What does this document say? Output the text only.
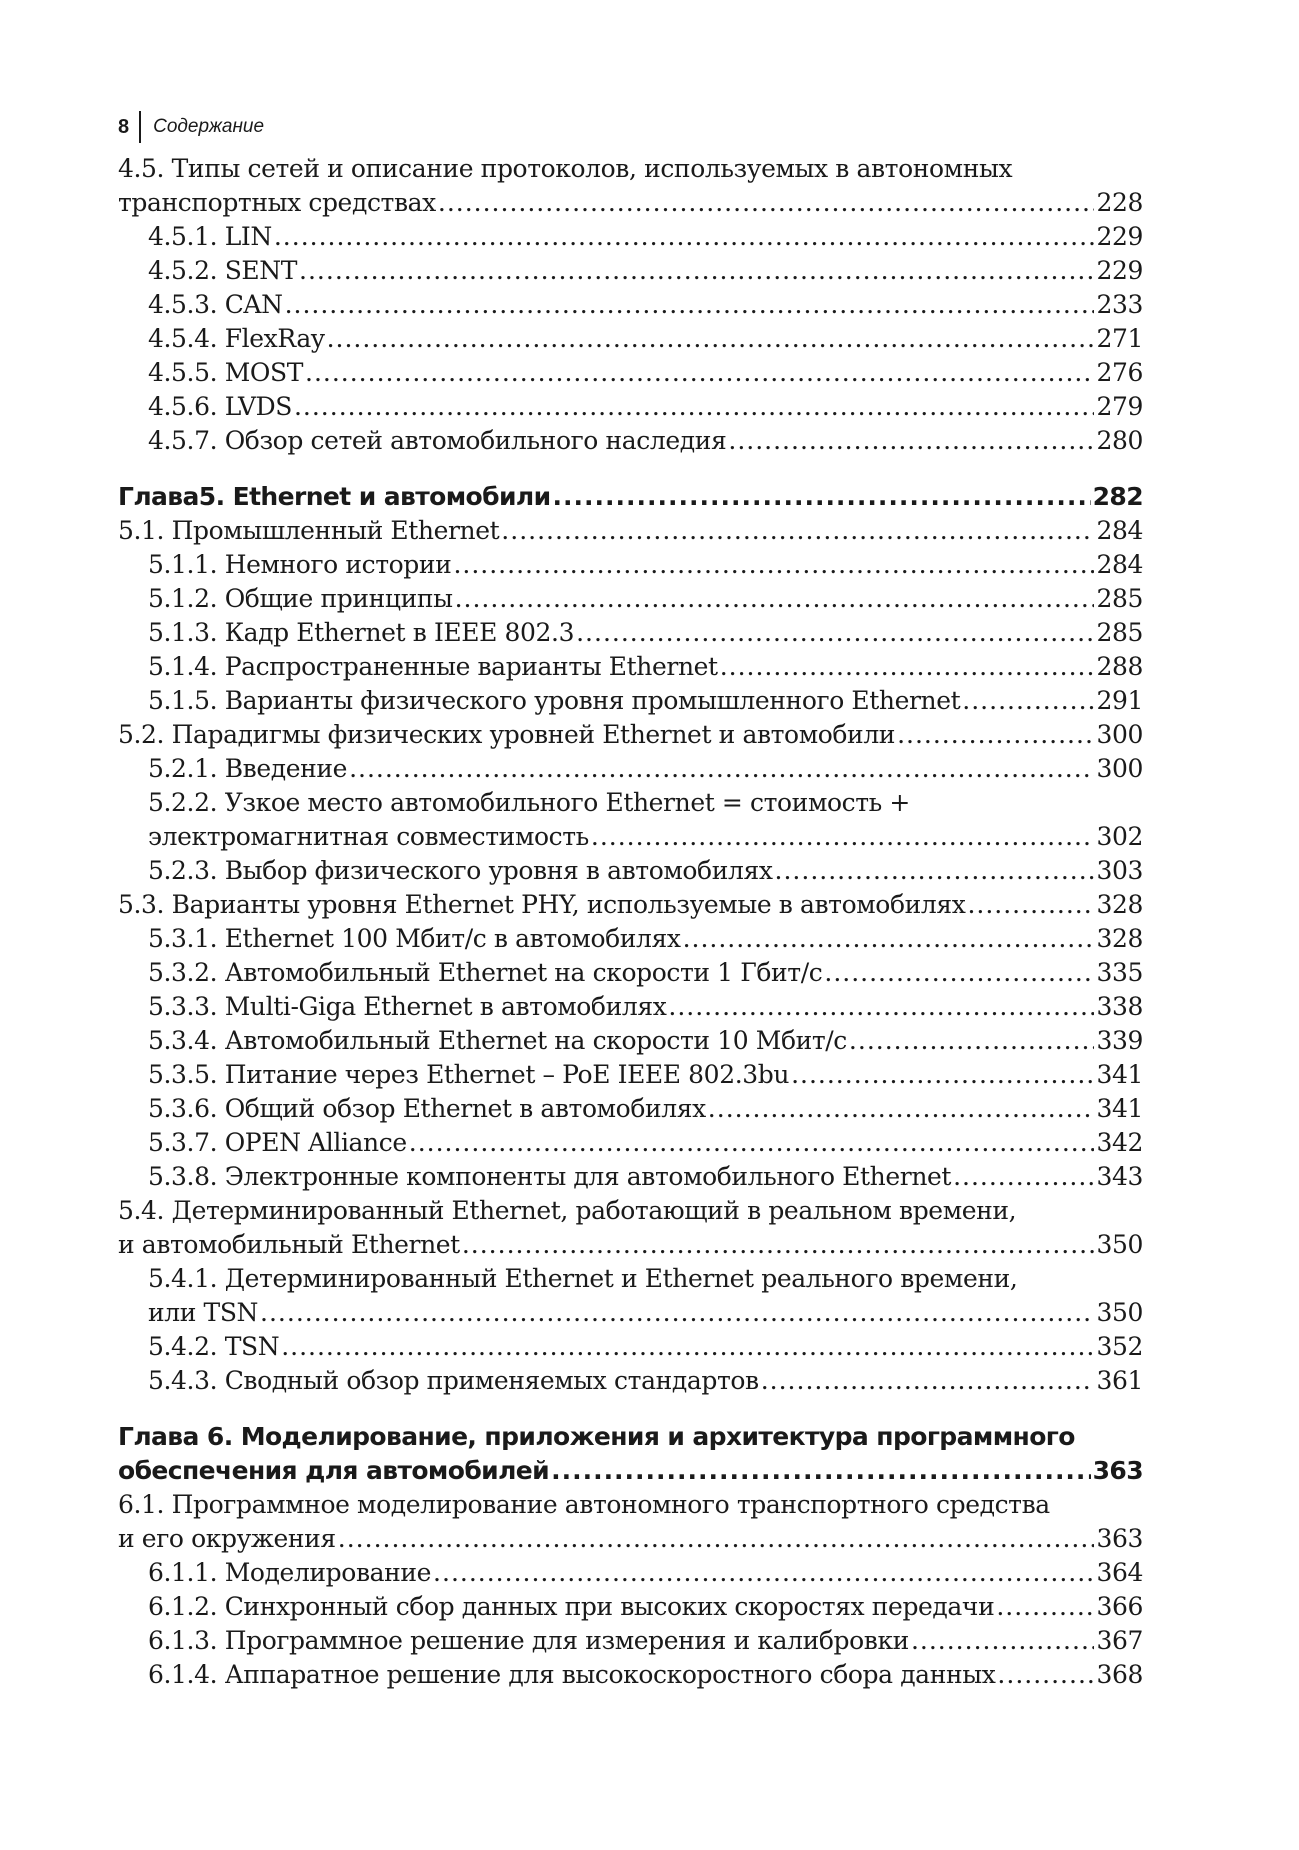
8 Содержание
4.5. Типы сетей и описание протоколов, используемых в автономных
транспортных средствах .....	228
4.5.1. LIN .....	229
4.5.2. SENT .....	229
4.5.3. CAN .....	233
4.5.4. FlexRay .....	271
4.5.5. MOST .....	276
4.5.6. LVDS .....	279
4.5.7. Обзор сетей автомобильного наследия .....	280
Глава5. Ethernet и автомобили .....	282
5.1. Промышленный Ethernet .....	284
5.1.1. Немного истории .....	284
5.1.2. Общие принципы .....	285
5.1.3. Кадр Ethernet в IEEE 802.3 .....	285
5.1.4. Распространенные варианты Ethernet .....	288
5.1.5. Варианты физического уровня промышленного Ethernet .....	291
5.2. Парадигмы физических уровней Ethernet и автомобили .....	300
5.2.1. Введение .....	300
5.2.2. Узкое место автомобильного Ethernet = стоимость +
электромагнитная совместимость .....	302
5.2.3. Выбор физического уровня в автомобилях .....	303
5.3. Варианты уровня Ethernet PHY, используемые в автомобилях .....	328
5.3.1. Ethernet 100 Мбит/с в автомобилях .....	328
5.3.2. Автомобильный Ethernet на скорости 1 Гбит/с .....	335
5.3.3. Multi-Giga Ethernet в автомобилях .....	338
5.3.4. Автомобильный Ethernet на скорости 10 Мбит/с .....	339
5.3.5. Питание через Ethernet – PoE IEEE 802.3bu .....	341
5.3.6. Общий обзор Ethernet в автомобилях .....	341
5.3.7. OPEN Alliance .....	342
5.3.8. Электронные компоненты для автомобильного Ethernet .....	343
5.4. Детерминированный Ethernet, работающий в реальном времени,
и автомобильный Ethernet .....	350
5.4.1. Детерминированный Ethernet и Ethernet реального времени,
или TSN .....	350
5.4.2. TSN .....	352
5.4.3. Сводный обзор применяемых стандартов .....	361
Глава 6. Моделирование, приложения и архитектура программного
обеспечения для автомобилей .....	363
6.1. Программное моделирование автономного транспортного средства
и его окружения .....	363
6.1.1. Моделирование .....	364
6.1.2. Синхронный сбор данных при высоких скоростях передачи .....	366
6.1.3. Программное решение для измерения и калибровки .....	367
6.1.4. Аппаратное решение для высокоскоростного сбора данных .....	368
